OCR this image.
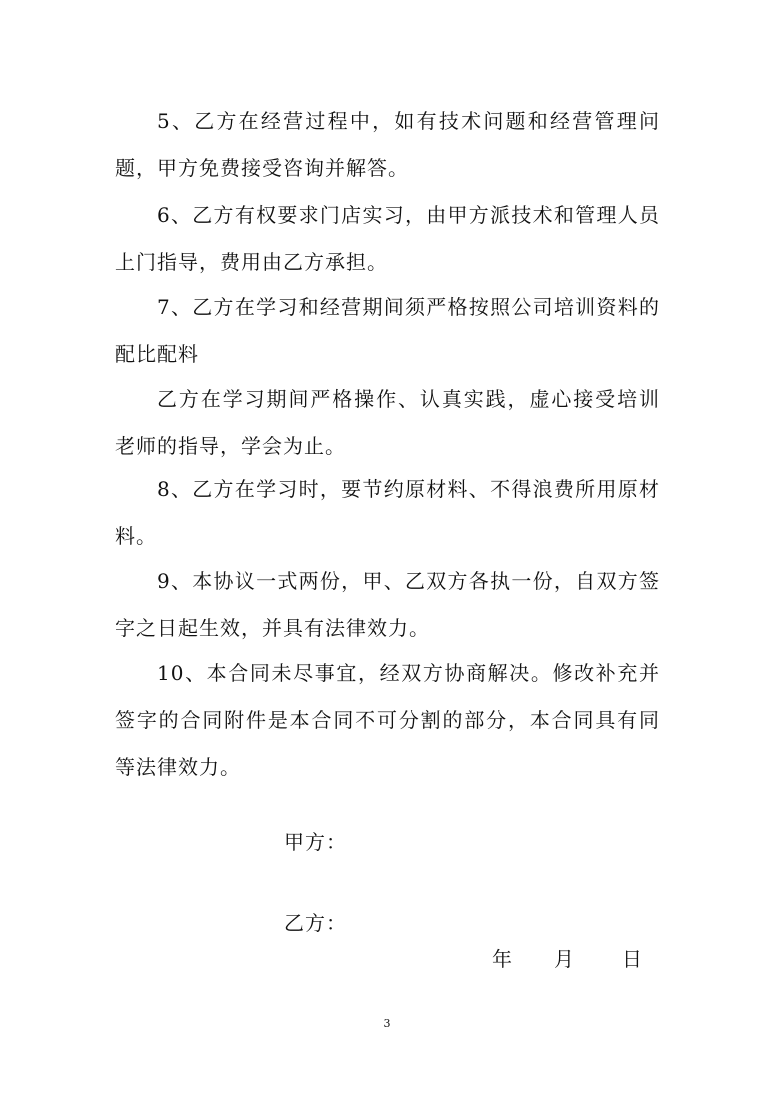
5、乙方在经营过程中，如有技术问题和经营管理问题，甲方免费接受咨询并解答。

6、乙方有权要求门店实习，由甲方派技术和管理人员上门指导，费用由乙方承担。

7、乙方在学习和经营期间须严格按照公司培训资料的配比配料

乙方在学习期间严格操作、认真实践，虚心接受培训老师的指导，学会为止。

8、乙方在学习时，要节约原材料、不得浪费所用原材料。

9、本协议一式两份，甲、乙双方各执一份，自双方签字之日起生效，并具有法律效力。

10、本合同未尽事宜，经双方协商解决。修改补充并签字的合同附件是本合同不可分割的部分，本合同具有同等法律效力。

甲方：

乙方：

年	月	日
3
